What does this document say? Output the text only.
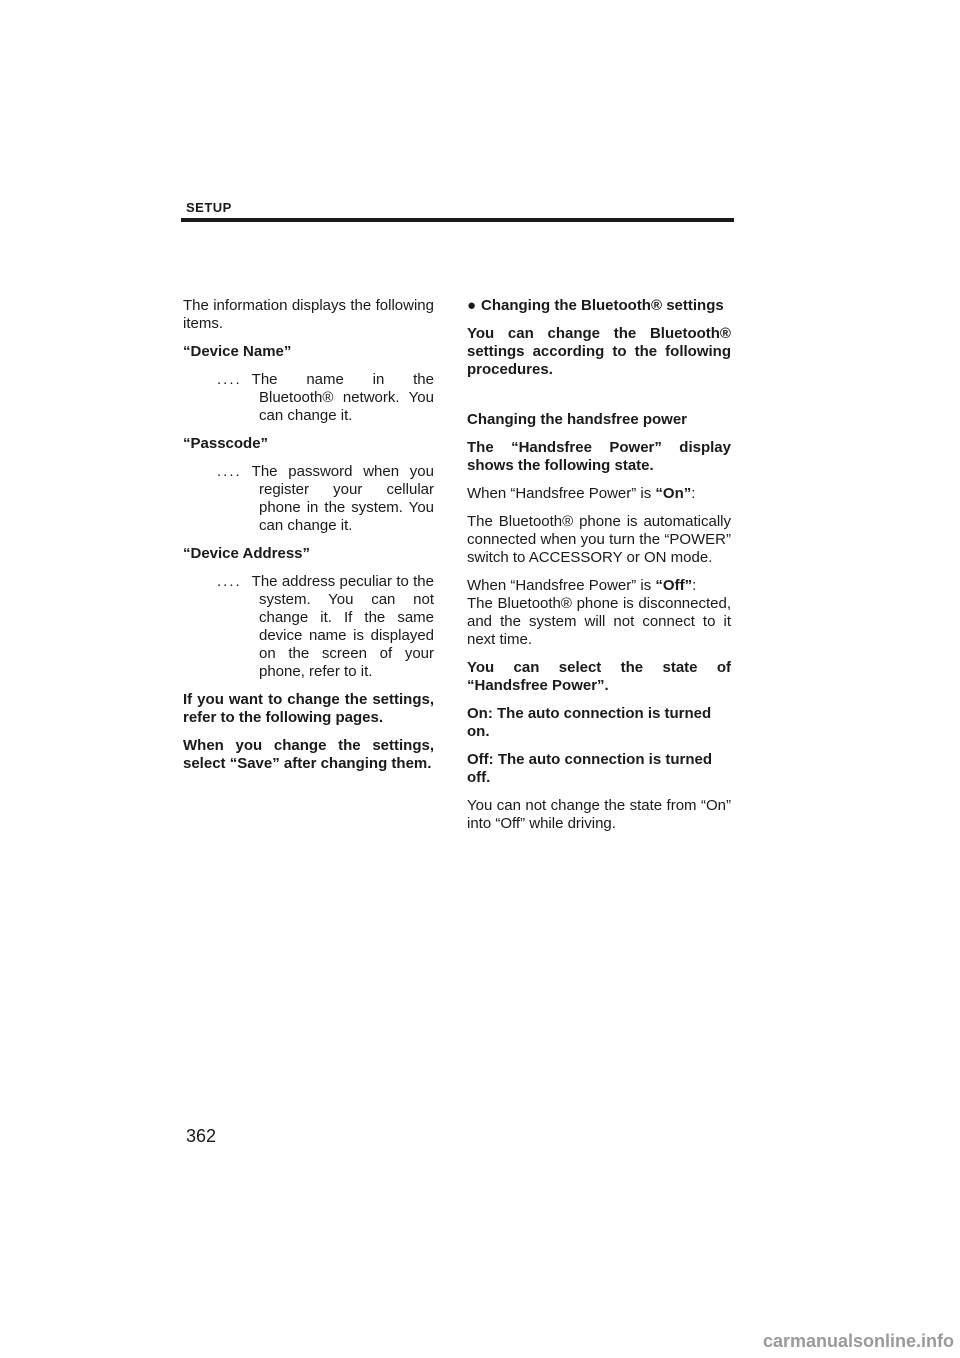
SETUP

The information displays the following items.

“Device Name”

.... The name in the Bluetooth® network. You can change it.

“Passcode”

.... The password when you register your cellular phone in the system. You can change it.

“Device Address”

.... The address peculiar to the system. You can not change it. If the same device name is displayed on the screen of your phone, refer to it.

If you want to change the settings, refer to the following pages.

When you change the settings, select “Save” after changing them.

● Changing the Bluetooth® settings

You can change the Bluetooth® settings according to the following procedures.

Changing the handsfree power

The “Handsfree Power” display shows the following state.

When “Handsfree Power” is “On”:

The Bluetooth® phone is automatically connected when you turn the “POWER” switch to ACCESSORY or ON mode.

When “Handsfree Power” is “Off”:

The Bluetooth® phone is disconnected, and the system will not connect to it next time.

You can select the state of “Handsfree Power”.

On: The auto connection is turned on.

Off: The auto connection is turned off.

You can not change the state from “On” into “Off” while driving.

362
carmanualsonline.info
